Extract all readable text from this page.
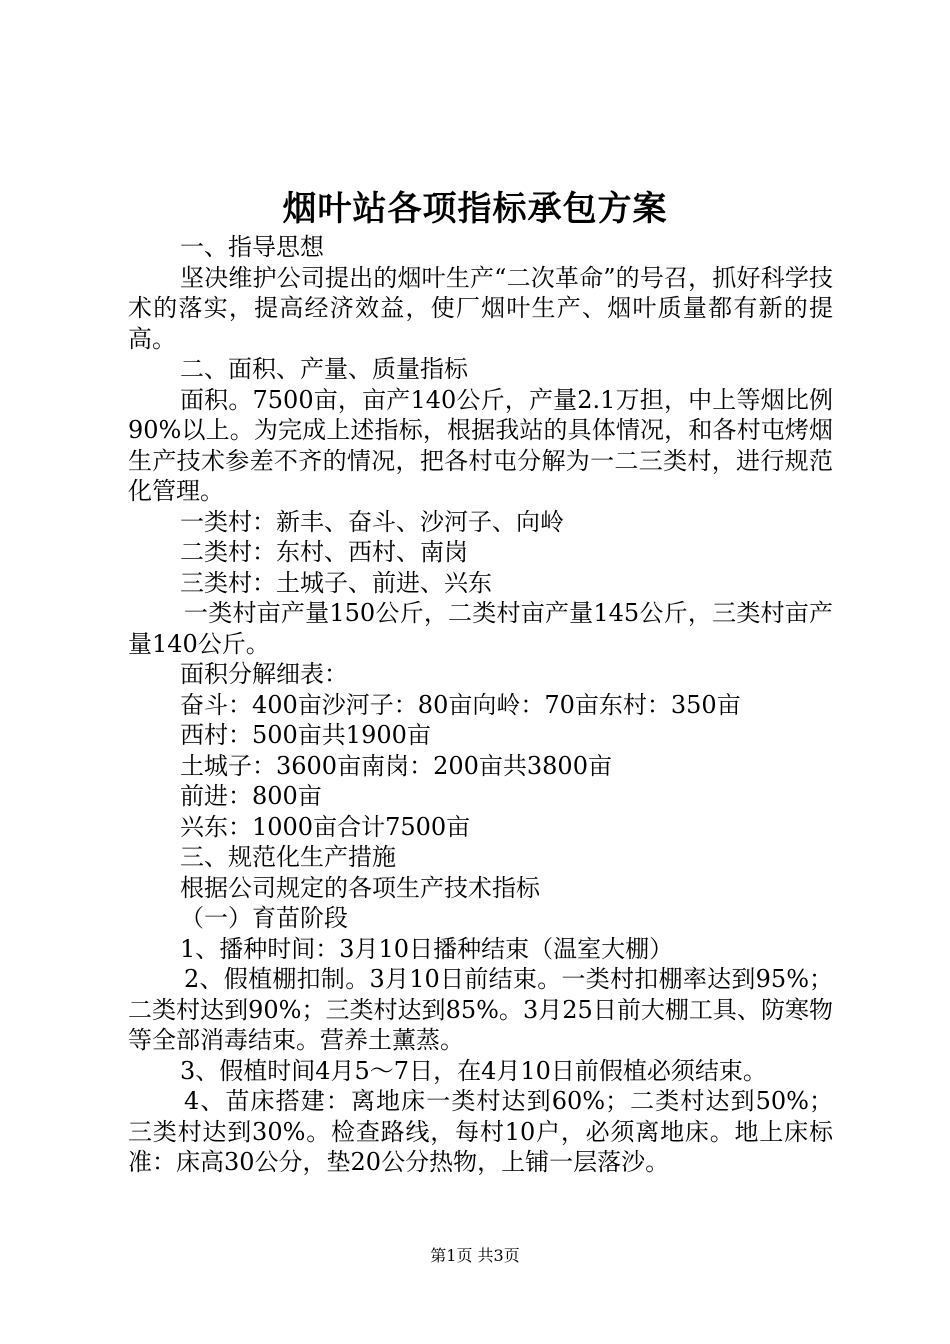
烟叶站各项指标承包方案

一、指导思想

坚决维护公司提出的烟叶生产“二次革命”的号召，抓好科学技术的落实，提高经济效益，使厂烟叶生产、烟叶质量都有新的提高。

二、面积、产量、质量指标

面积。7500亩，亩产140公斤，产量2.1万担，中上等烟比例90%以上。为完成上述指标，根据我站的具体情况，和各村屯烤烟生产技术参差不齐的情况，把各村屯分解为一二三类村，进行规范化管理。

一类村：新丰、奋斗、沙河子、向岭

二类村：东村、西村、南岗

三类村：土城子、前进、兴东

一类村亩产量150公斤，二类村亩产量145公斤，三类村亩产量140公斤。

面积分解细表：

奋斗：400亩沙河子：80亩向岭：70亩东村：350亩

西村：500亩共1900亩

土城子：3600亩南岗：200亩共3800亩

前进：800亩

兴东：1000亩合计7500亩

三、规范化生产措施

根据公司规定的各项生产技术指标

（一）育苗阶段

1、播种时间：3月10日播种结束（温室大棚）

2、假植棚扣制。3月10日前结束。一类村扣棚率达到95%；二类村达到90%；三类村达到85%。3月25日前大棚工具、防寒物等全部消毒结束。营养土薰蒸。

3、假植时间4月5～7日，在4月10日前假植必须结束。

4、苗床搭建：离地床一类村达到60%；二类村达到50%；三类村达到30%。检查路线，每村10户，必须离地床。地上床标准：床高30公分，垫20公分热物，上铺一层落沙。

第1页 共3页
